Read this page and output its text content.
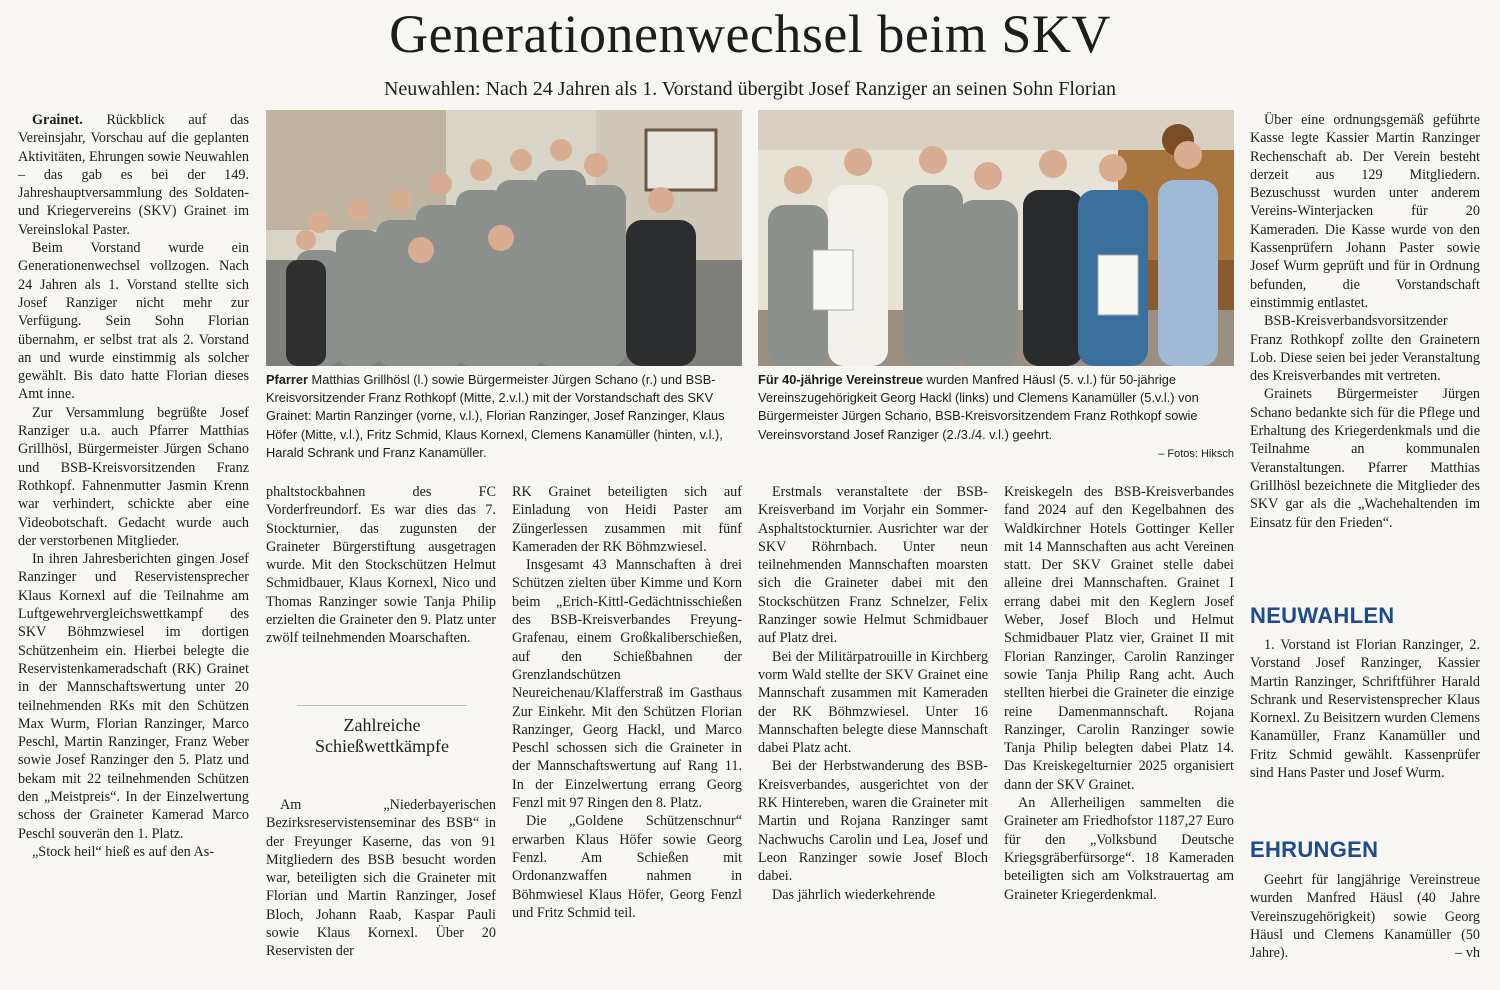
Generationenwechsel beim SKV
Neuwahlen: Nach 24 Jahren als 1. Vorstand übergibt Josef Ranziger an seinen Sohn Florian

Grainet. Rückblick auf das Vereinsjahr, Vorschau auf die geplanten Aktivitäten, Ehrungen sowie Neuwahlen – das gab es bei der 149. Jahreshauptversammlung des Soldaten- und Kriegervereins (SKV) Grainet im Vereinslokal Paster.

Beim Vorstand wurde ein Generationenwechsel vollzogen. Nach 24 Jahren als 1. Vorstand stellte sich Josef Ranziger nicht mehr zur Verfügung. Sein Sohn Florian übernahm, er selbst trat als 2. Vorstand an und wurde einstimmig als solcher gewählt. Bis dato hatte Florian dieses Amt inne.

Zur Versammlung begrüßte Josef Ranziger u.a. auch Pfarrer Matthias Grillhösl, Bürgermeister Jürgen Schano und BSB-Kreisvorsitzenden Franz Rothkopf. Fahnenmutter Jasmin Krenn war verhindert, schickte aber eine Videobotschaft. Gedacht wurde auch der verstorbenen Mitglieder.

In ihren Jahresberichten gingen Josef Ranzinger und Reservistensprecher Klaus Kornexl auf die Teilnahme am Luftgewehrvergleichswettkampf des SKV Böhmzwiesel im dortigen Schützenheim ein. Hierbei belegte die Reservistenkameradschaft (RK) Grainet in der Mannschaftswertung unter 20 teilnehmenden RKs mit den Schützen Max Wurm, Florian Ranzinger, Marco Peschl, Martin Ranzinger, Franz Weber sowie Josef Ranzinger den 5. Platz und bekam mit 22 teilnehmenden Schützen den „Meistpreis“. In der Einzelwertung schoss der Graineter Kamerad Marco Peschl souverän den 1. Platz.

„Stock heil“ hieß es auf den As-

Pfarrer Matthias Grillhösl (l.) sowie Bürgermeister Jürgen Schano (r.) und BSB-Kreisvorsitzender Franz Rothkopf (Mitte, 2.v.l.) mit der Vorstandschaft des SKV Grainet: Martin Ranzinger (vorne, v.l.), Florian Ranzinger, Josef Ranzinger, Klaus Höfer (Mitte, v.l.), Fritz Schmid, Klaus Kornexl, Clemens Kanamüller (hinten, v.l.), Harald Schrank und Franz Kanamüller.
Für 40-jährige Vereinstreue wurden Manfred Häusl (5. v.l.) für 50-jährige Vereinszugehörigkeit Georg Hackl (links) und Clemens Kanamüller (5.v.l.) von Bürgermeister Jürgen Schano, BSB-Kreisvorsitzendem Franz Rothkopf sowie Vereinsvorstand Josef Ranziger (2./3./4. v.l.) geehrt.
– Fotos: Hiksch

phaltstockbahnen des FC Vorderfreundorf. Es war dies das 7. Stockturnier, das zugunsten der Graineter Bürgerstiftung ausgetragen wurde. Mit den Stockschützen Helmut Schmidbauer, Klaus Kornexl, Nico und Thomas Ranzinger sowie Tanja Philip erzielten die Graineter den 9. Platz unter zwölf teilnehmenden Moarschaften.

Zahlreiche Schießwettkämpfe

Am „Niederbayerischen Bezirksreservistenseminar des BSB“ in der Freyunger Kaserne, das von 91 Mitgliedern des BSB besucht worden war, beteiligten sich die Graineter mit Florian und Martin Ranzinger, Josef Bloch, Johann Raab, Kaspar Pauli sowie Klaus Kornexl. Über 20 Reservisten der

RK Grainet beteiligten sich auf Einladung von Heidi Paster am Züngerlessen zusammen mit fünf Kameraden der RK Böhmzwiesel.

Insgesamt 43 Mannschaften à drei Schützen zielten über Kimme und Korn beim „Erich-Kittl-Gedächtnisschießen des BSB-Kreisverbandes Freyung-Grafenau, einem Großkaliberschießen, auf den Schießbahnen der Grenzlandschützen Neureichenau/Klafferstraß im Gasthaus Zur Einkehr. Mit den Schützen Florian Ranzinger, Georg Hackl, und Marco Peschl schossen sich die Graineter in der Mannschaftswertung auf Rang 11. In der Einzelwertung errang Georg Fenzl mit 97 Ringen den 8. Platz.

Die „Goldene Schützenschnur“ erwarben Klaus Höfer sowie Georg Fenzl. Am Schießen mit Ordonanzwaffen nahmen in Böhmwiesel Klaus Höfer, Georg Fenzl und Fritz Schmid teil.

Erstmals veranstaltete der BSB-Kreisverband im Vorjahr ein Sommer-Asphaltstockturnier. Ausrichter war der SKV Röhrnbach. Unter neun teilnehmenden Mannschaften moarsten sich die Graineter dabei mit den Stockschützen Franz Schnelzer, Felix Ranzinger sowie Helmut Schmidbauer auf Platz drei.

Bei der Militärpatrouille in Kirchberg vorm Wald stellte der SKV Grainet eine Mannschaft zusammen mit Kameraden der RK Böhmzwiesel. Unter 16 Mannschaften belegte diese Mannschaft dabei Platz acht.

Bei der Herbstwanderung des BSB-Kreisverbandes, ausgerichtet von der RK Hintereben, waren die Graineter mit Martin und Rojana Ranzinger samt Nachwuchs Carolin und Lea, Josef und Leon Ranzinger sowie Josef Bloch dabei.

Das jährlich wiederkehrende

Kreiskegeln des BSB-Kreisverbandes fand 2024 auf den Kegelbahnen des Waldkirchner Hotels Gottinger Keller mit 14 Mannschaften aus acht Vereinen statt. Der SKV Grainet stelle dabei alleine drei Mannschaften. Grainet I errang dabei mit den Keglern Josef Weber, Josef Bloch und Helmut Schmidbauer Platz vier, Grainet II mit Florian Ranzinger, Carolin Ranzinger sowie Tanja Philip Rang acht. Auch stellten hierbei die Graineter die einzige reine Damenmannschaft. Rojana Ranzinger, Carolin Ranzinger sowie Tanja Philip belegten dabei Platz 14. Das Kreiskegelturnier 2025 organisiert dann der SKV Grainet.

An Allerheiligen sammelten die Graineter am Friedhofstor 1187,27 Euro für den „Volksbund Deutsche Kriegsgräberfürsorge“. 18 Kameraden beteiligten sich am Volkstrauertag am Graineter Kriegerdenkmal.

Über eine ordnungsgemäß geführte Kasse legte Kassier Martin Ranzinger Rechenschaft ab. Der Verein besteht derzeit aus 129 Mitgliedern. Bezuschusst wurden unter anderem Vereins-Winterjacken für 20 Kameraden. Die Kasse wurde von den Kassenprüfern Johann Paster sowie Josef Wurm geprüft und für in Ordnung befunden, die Vorstandschaft einstimmig entlastet.

BSB-Kreisverbandsvorsitzender Franz Rothkopf zollte den Grainetern Lob. Diese seien bei jeder Veranstaltung des Kreisverbandes mit vertreten.

Grainets Bürgermeister Jürgen Schano bedankte sich für die Pflege und Erhaltung des Kriegerdenkmals und die Teilnahme an kommunalen Veranstaltungen. Pfarrer Matthias Grillhösl bezeichnete die Mitglieder des SKV gar als die „Wachehaltenden im Einsatz für den Frieden“.

NEUWAHLEN

1. Vorstand ist Florian Ranzinger, 2. Vorstand Josef Ranzinger, Kassier Martin Ranzinger, Schriftführer Harald Schrank und Reservistensprecher Klaus Kornexl. Zu Beisitzern wurden Clemens Kanamüller, Franz Kanamüller und Fritz Schmid gewählt. Kassenprüfer sind Hans Paster und Josef Wurm.

EHRUNGEN

Geehrt für langjährige Vereinstreue wurden Manfred Häusl (40 Jahre Vereinszugehörigkeit) sowie Georg Häusl und Clemens Kanamüller (50 Jahre).	– vh
